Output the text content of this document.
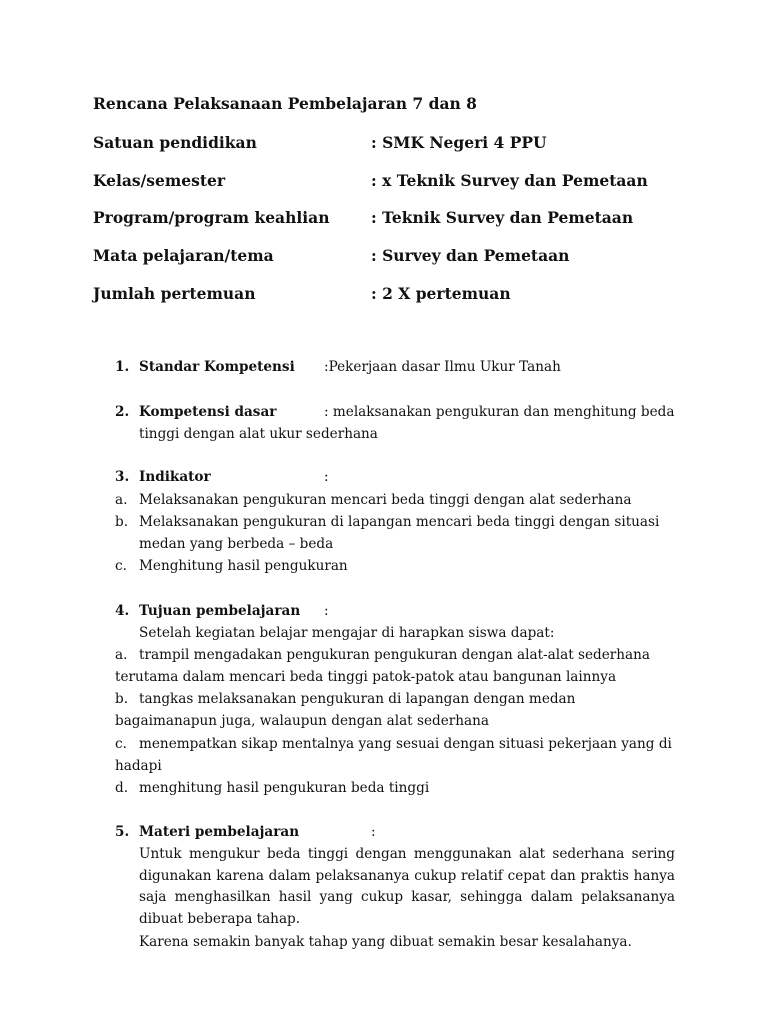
Rencana Pelaksanaan Pembelajaran 7 dan 8
Satuan pendidikan	: SMK Negeri 4 PPU
Kelas/semester	: x Teknik Survey dan Pemetaan
Program/program keahlian	: Teknik Survey dan Pemetaan
Mata pelajaran/tema	: Survey dan Pemetaan
Jumlah pertemuan	: 2 X pertemuan
1. Standar Kompetensi :Pekerjaan dasar Ilmu Ukur Tanah
2. Kompetensi dasar	: melaksanakan pengukuran dan menghitung beda
tinggi dengan alat ukur sederhana
3. Indikator	:
a. Melaksanakan pengukuran mencari beda tinggi dengan alat sederhana
b. Melaksanakan pengukuran di lapangan mencari beda tinggi dengan situasi
medan yang berbeda – beda
c. Menghitung hasil pengukuran
4. Tujuan pembelajaran :
Setelah kegiatan belajar mengajar di harapkan siswa dapat:
a. trampil mengadakan pengukuran pengukuran dengan alat-alat sederhana
terutama dalam mencari beda tinggi patok-patok atau bangunan lainnya
b. tangkas melaksanakan pengukuran di lapangan dengan medan
bagaimanapun juga, walaupun dengan alat sederhana
c. menempatkan sikap mentalnya yang sesuai dengan situasi pekerjaan yang di
hadapi
d. menghitung hasil pengukuran beda tinggi
5. Materi pembelajaran	:
Untuk mengukur beda tinggi dengan menggunakan alat sederhana sering
digunakan karena dalam pelaksananya cukup relatif cepat dan praktis hanya
saja menghasilkan hasil yang cukup kasar, sehingga dalam pelaksananya
dibuat beberapa tahap.
Karena semakin banyak tahap yang dibuat semakin besar kesalahanya.
